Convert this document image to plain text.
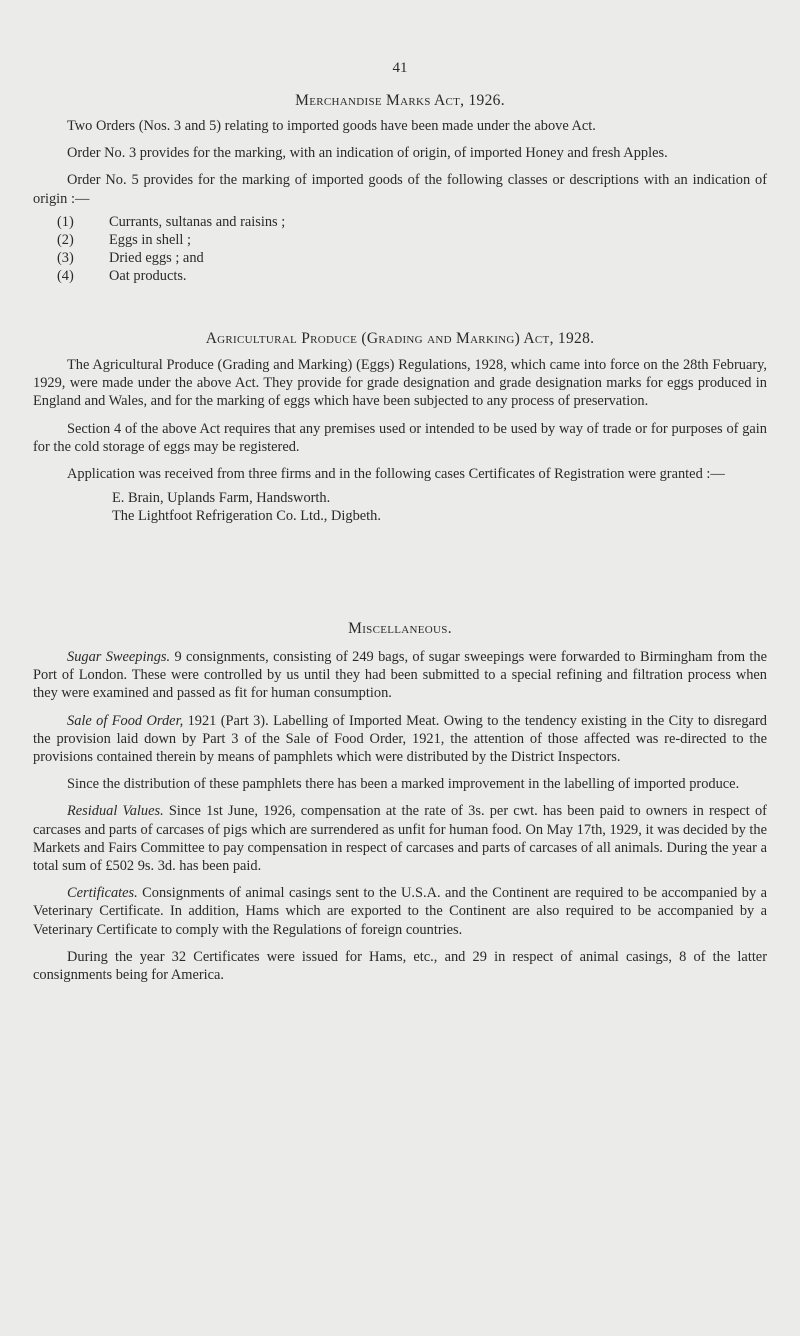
41
Merchandise Marks Act, 1926.

Two Orders (Nos. 3 and 5) relating to imported goods have been made under the above Act.

Order No. 3 provides for the marking, with an indication of origin, of imported Honey and fresh Apples.

Order No. 5 provides for the marking of imported goods of the following classes or descriptions with an indication of origin :—

(1) Currants, sultanas and raisins ;
(2) Eggs in shell ;
(3) Dried eggs ; and
(4) Oat products.
Agricultural Produce (Grading and Marking) Act, 1928.

The Agricultural Produce (Grading and Marking) (Eggs) Regulations, 1928, which came into force on the 28th February, 1929, were made under the above Act. They provide for grade designation and grade designation marks for eggs produced in England and Wales, and for the marking of eggs which have been subjected to any process of preservation.

Section 4 of the above Act requires that any premises used or intended to be used by way of trade or for purposes of gain for the cold storage of eggs may be registered.

Application was received from three firms and in the following cases Certificates of Registration were granted :—

E. Brain, Uplands Farm, Handsworth.
The Lightfoot Refrigeration Co. Ltd., Digbeth.
Miscellaneous.

Sugar Sweepings. 9 consignments, consisting of 249 bags, of sugar sweepings were forwarded to Birmingham from the Port of London. These were controlled by us until they had been submitted to a special refining and filtration process when they were examined and passed as fit for human consumption.

Sale of Food Order, 1921 (Part 3). Labelling of Imported Meat. Owing to the tendency existing in the City to disregard the provision laid down by Part 3 of the Sale of Food Order, 1921, the attention of those affected was re-directed to the provisions contained therein by means of pamphlets which were distributed by the District Inspectors.

Since the distribution of these pamphlets there has been a marked improvement in the labelling of imported produce.

Residual Values. Since 1st June, 1926, compensation at the rate of 3s. per cwt. has been paid to owners in respect of carcases and parts of carcases of pigs which are surrendered as unfit for human food. On May 17th, 1929, it was decided by the Markets and Fairs Committee to pay compensation in respect of carcases and parts of carcases of all animals. During the year a total sum of £502 9s. 3d. has been paid.

Certificates. Consignments of animal casings sent to the U.S.A. and the Continent are required to be accompanied by a Veterinary Certificate. In addition, Hams which are exported to the Continent are also required to be accompanied by a Veterinary Certificate to comply with the Regulations of foreign countries.

During the year 32 Certificates were issued for Hams, etc., and 29 in respect of animal casings, 8 of the latter consignments being for America.
